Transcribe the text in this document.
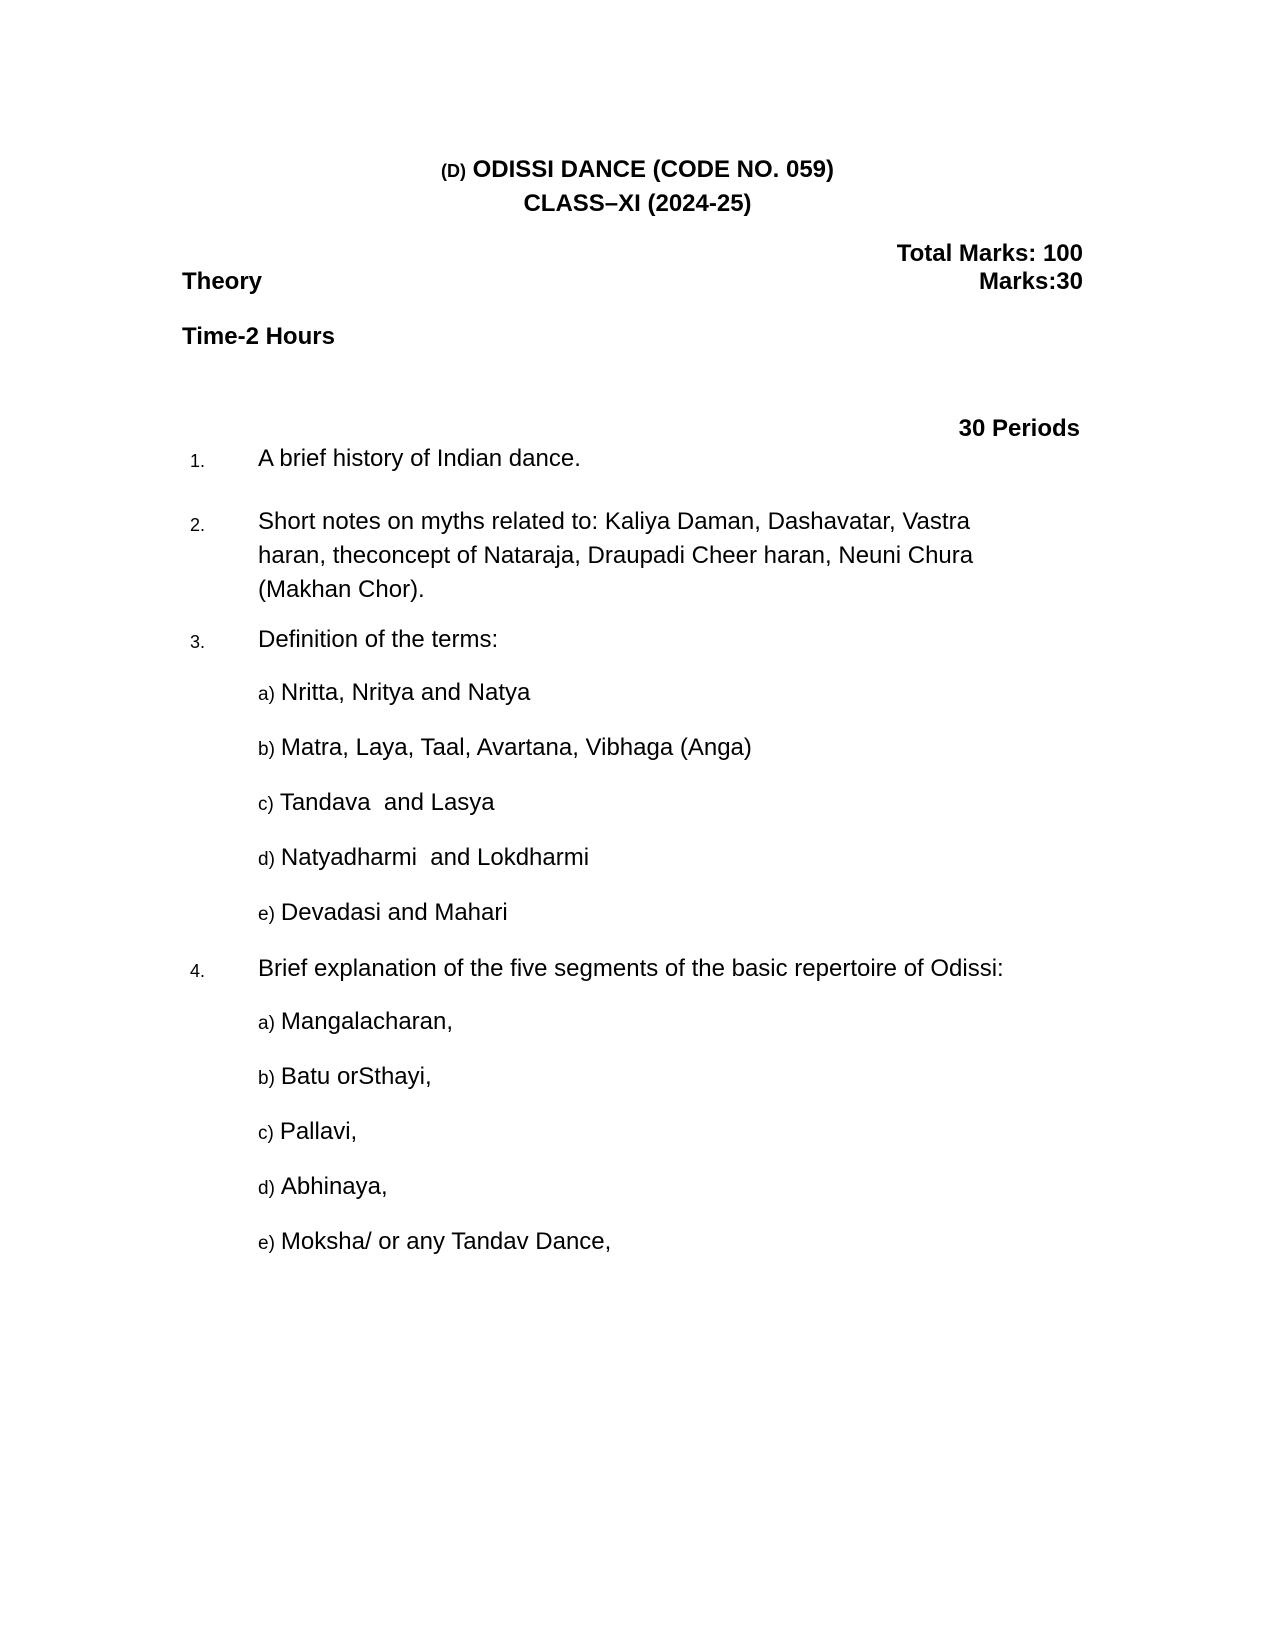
(D) ODISSI DANCE (CODE NO. 059)
CLASS–XI (2024-25)
Total Marks: 100
Theory	Marks:30
Time-2 Hours
30 Periods
1. A brief history of Indian dance.
2. Short notes on myths related to: Kaliya Daman, Dashavatar, Vastra
haran, theconcept of Nataraja, Draupadi Cheer haran, Neuni Chura
(Makhan Chor).
3. Definition of the terms:
a) Nritta, Nritya and Natya
b) Matra, Laya, Taal, Avartana, Vibhaga (Anga)
c) Tandava  and Lasya
d) Natyadharmi  and Lokdharmi
e) Devadasi and Mahari
4. Brief explanation of the five segments of the basic repertoire of Odissi:
a) Mangalacharan,
b) Batu orSthayi,
c) Pallavi,
d) Abhinaya,
e) Moksha/ or any Tandav Dance,
